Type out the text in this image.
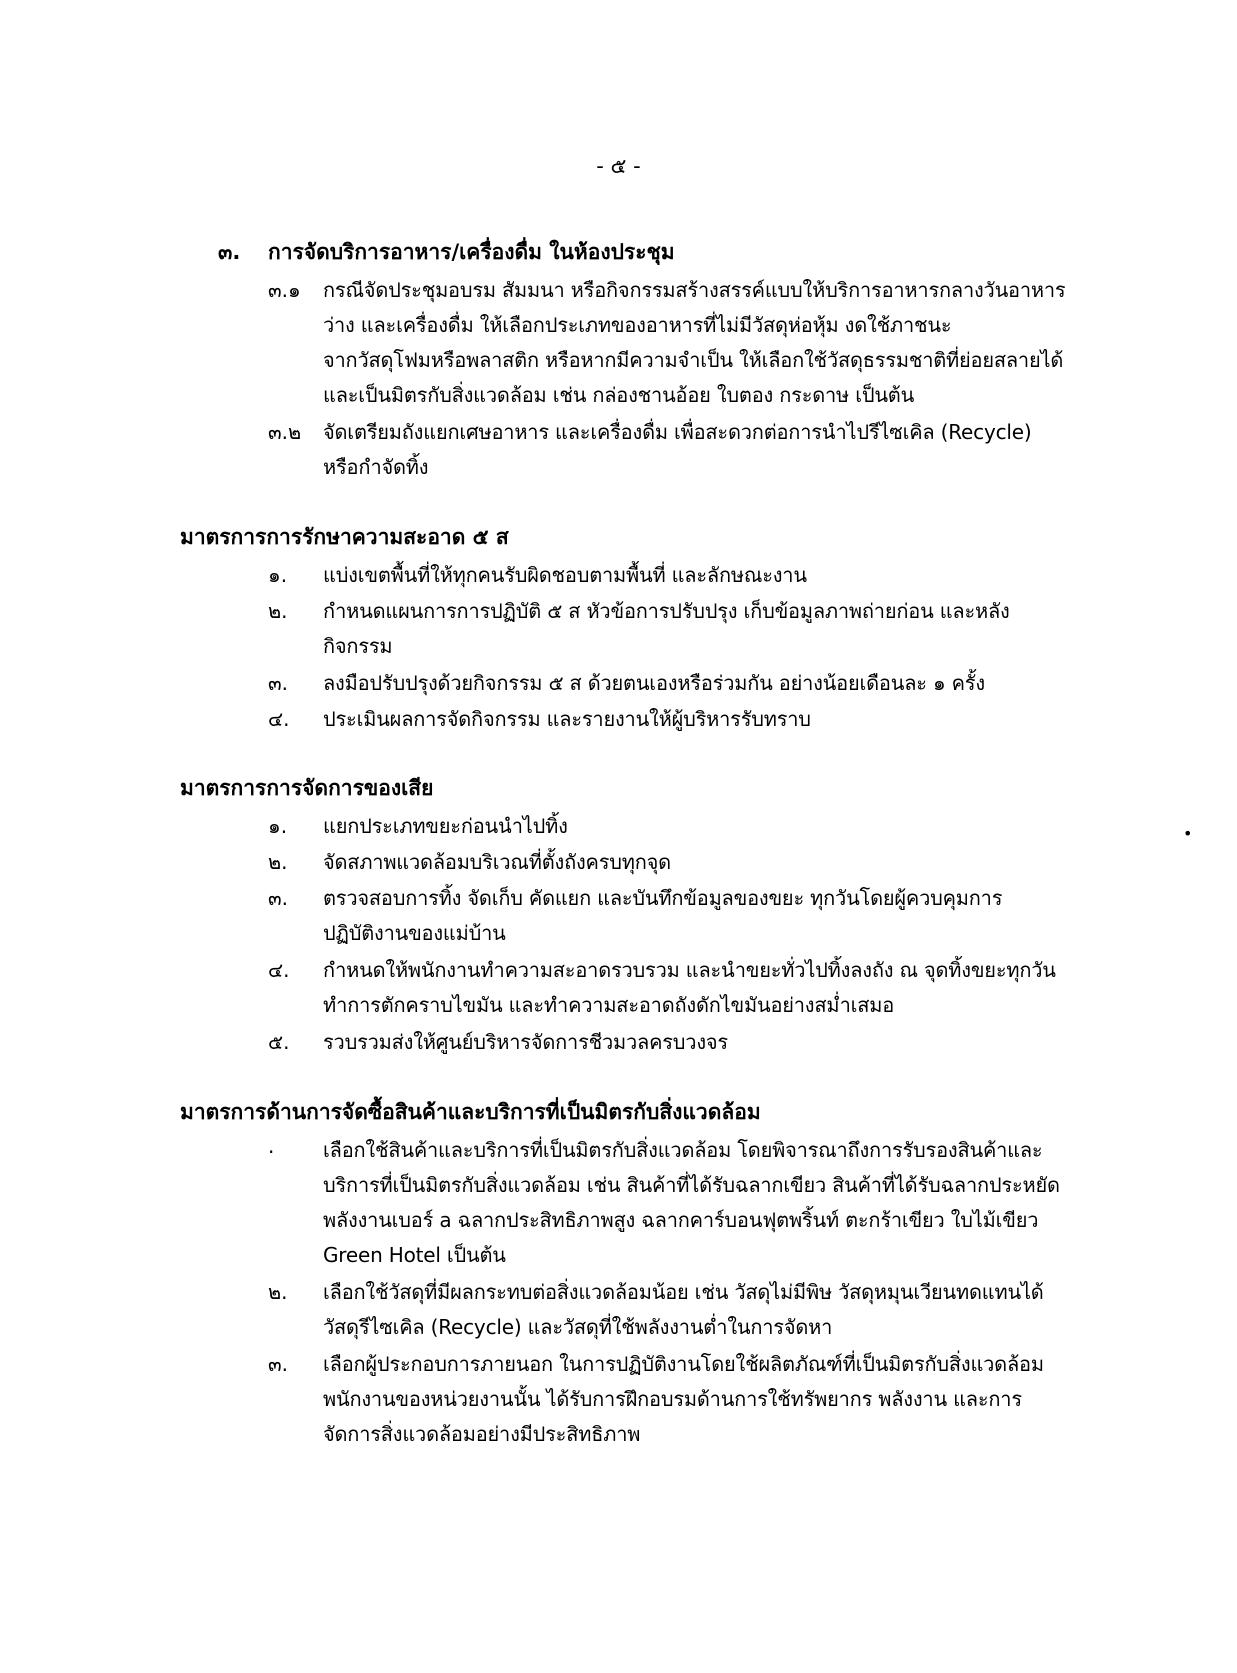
- ๕ -
๓. การจัดบริการอาหาร/เครื่องดื่ม ในห้องประชุม
๓.๑ กรณีจัดประชุมอบรม สัมมนา หรือกิจกรรมสร้างสรรค์แบบให้บริการอาหารกลางวันอาหาร
ว่าง และเครื่องดื่ม ให้เลือกประเภทของอาหารที่ไม่มีวัสดุห่อหุ้ม งดใช้ภาชนะ
จากวัสดุโฟมหรือพลาสติก หรือหากมีความจำเป็น ให้เลือกใช้วัสดุธรรมชาติที่ย่อยสลายได้
และเป็นมิตรกับสิ่งแวดล้อม เช่น กล่องชานอ้อย ใบตอง กระดาษ เป็นต้น
๓.๒ จัดเตรียมถังแยกเศษอาหาร และเครื่องดื่ม เพื่อสะดวกต่อการนำไปรีไซเคิล (Recycle)
หรือกำจัดทิ้ง
มาตรการการรักษาความสะอาด ๕ ส
๑. แบ่งเขตพื้นที่ให้ทุกคนรับผิดชอบตามพื้นที่ และลักษณะงาน
๒. กำหนดแผนการการปฏิบัติ ๕ ส หัวข้อการปรับปรุง เก็บข้อมูลภาพถ่ายก่อน และหลัง
กิจกรรม
๓. ลงมือปรับปรุงด้วยกิจกรรม ๕ ส ด้วยตนเองหรือร่วมกัน อย่างน้อยเดือนละ ๑ ครั้ง
๔. ประเมินผลการจัดกิจกรรม และรายงานให้ผู้บริหารรับทราบ
มาตรการการจัดการของเสีย
๑. แยกประเภทขยะก่อนนำไปทิ้ง
๒. จัดสภาพแวดล้อมบริเวณที่ตั้งถังครบทุกจุด
๓. ตรวจสอบการทิ้ง จัดเก็บ คัดแยก และบันทึกข้อมูลของขยะ ทุกวันโดยผู้ควบคุมการ
ปฏิบัติงานของแม่บ้าน
๔. กำหนดให้พนักงานทำความสะอาดรวบรวม และนำขยะทั่วไปทิ้งลงถัง ณ จุดทิ้งขยะทุกวัน
ทำการตักคราบไขมัน และทำความสะอาดถังดักไขมันอย่างสม่ำเสมอ
๕. รวบรวมส่งให้ศูนย์บริหารจัดการชีวมวลครบวงจร
มาตรการด้านการจัดซื้อสินค้าและบริการที่เป็นมิตรกับสิ่งแวดล้อม
. เลือกใช้สินค้าและบริการที่เป็นมิตรกับสิ่งแวดล้อม โดยพิจารณาถึงการรับรองสินค้าและ
บริการที่เป็นมิตรกับสิ่งแวดล้อม เช่น สินค้าที่ได้รับฉลากเขียว สินค้าที่ได้รับฉลากประหยัด
พลังงานเบอร์ a ฉลากประสิทธิภาพสูง ฉลากคาร์บอนฟุตพริ้นท์ ตะกร้าเขียว ใบไม้เขียว
Green Hotel เป็นต้น
๒. เลือกใช้วัสดุที่มีผลกระทบต่อสิ่งแวดล้อมน้อย เช่น วัสดุไม่มีพิษ วัสดุหมุนเวียนทดแทนได้
วัสดุรีไซเคิล (Recycle) และวัสดุที่ใช้พลังงานต่ำในการจัดหา
๓. เลือกผู้ประกอบการภายนอก ในการปฏิบัติงานโดยใช้ผลิตภัณฑ์ที่เป็นมิตรกับสิ่งแวดล้อม
พนักงานของหน่วยงานนั้น ได้รับการฝึกอบรมด้านการใช้ทรัพยากร พลังงาน และการ
จัดการสิ่งแวดล้อมอย่างมีประสิทธิภาพ
•
